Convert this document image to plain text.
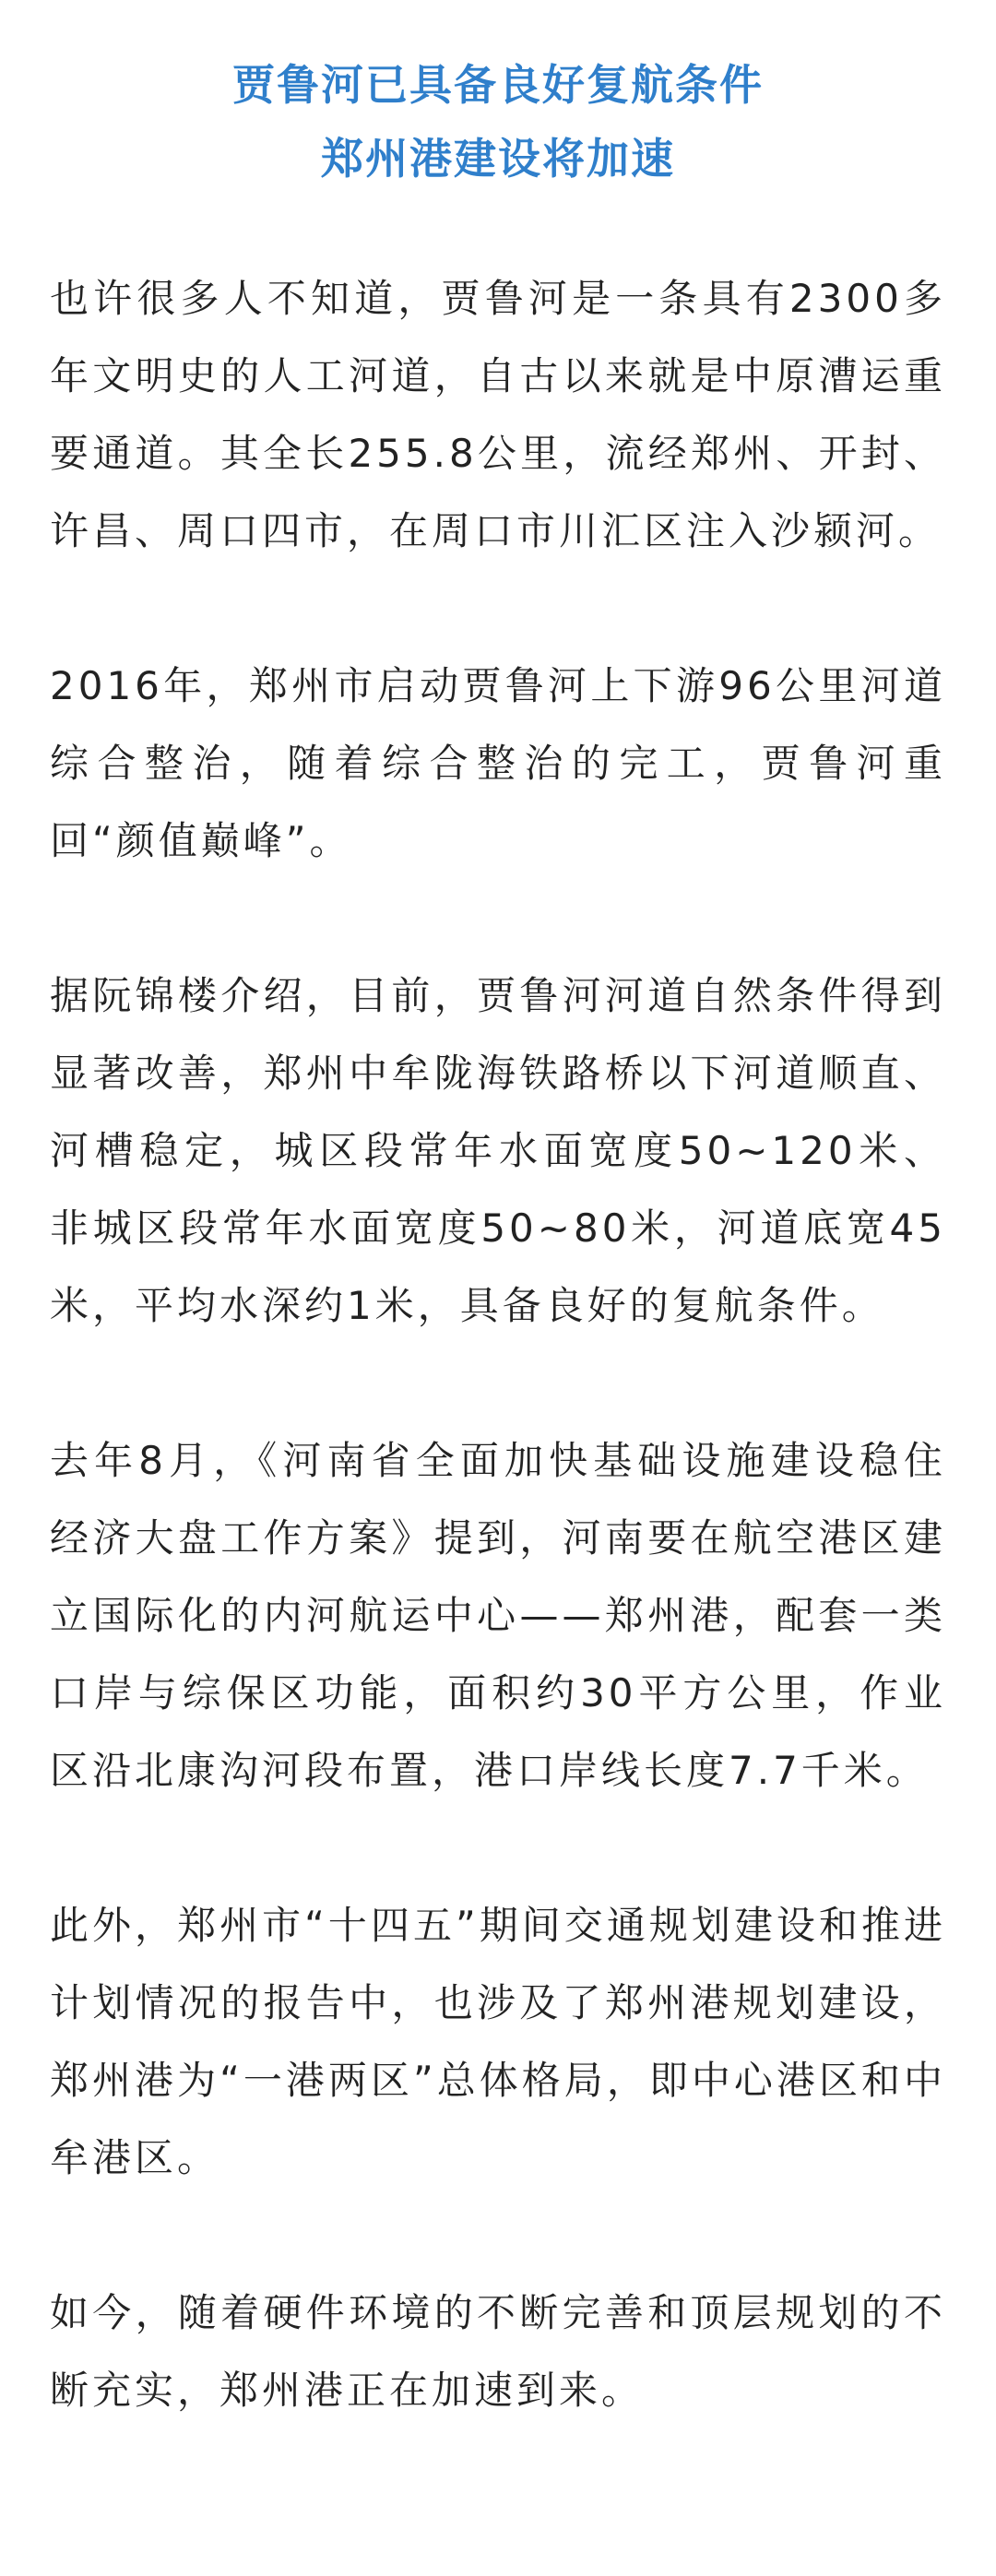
贾鲁河已具备良好复航条件
郑州港建设将加速

也许很多人不知道，贾鲁河是一条具有2300多年文明史的人工河道，自古以来就是中原漕运重要通道。其全长255.8公里，流经郑州、开封、许昌、周口四市，在周口市川汇区注入沙颍河。

2016年，郑州市启动贾鲁河上下游96公里河道综合整治，随着综合整治的完工，贾鲁河重回“颜值巅峰”。

据阮锦楼介绍，目前，贾鲁河河道自然条件得到显著改善，郑州中牟陇海铁路桥以下河道顺直、河槽稳定，城区段常年水面宽度50~120米、非城区段常年水面宽度50~80米，河道底宽45米，平均水深约1米，具备良好的复航条件。

去年8月，《河南省全面加快基础设施建设稳住经济大盘工作方案》提到，河南要在航空港区建立国际化的内河航运中心——郑州港，配套一类口岸与综保区功能，面积约30平方公里，作业区沿北康沟河段布置，港口岸线长度7.7千米。

此外，郑州市“十四五”期间交通规划建设和推进计划情况的报告中，也涉及了郑州港规划建设，郑州港为“一港两区”总体格局，即中心港区和中牟港区。

如今，随着硬件环境的不断完善和顶层规划的不断充实，郑州港正在加速到来。
